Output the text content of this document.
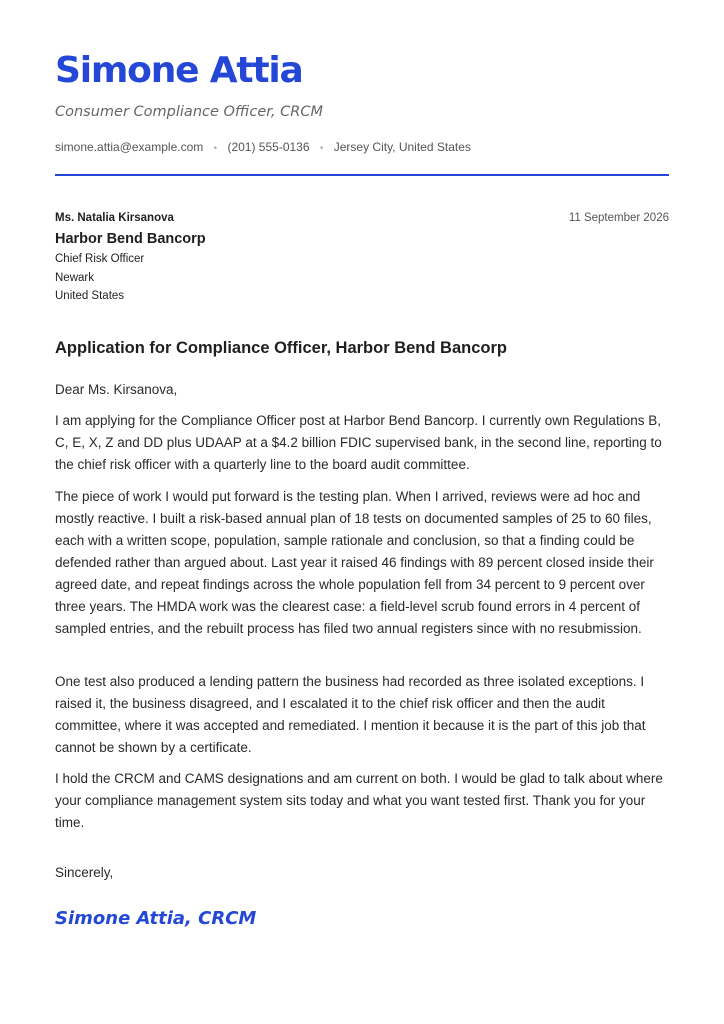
Simone Attia
Consumer Compliance Officer, CRCM
simone.attia@example.com • (201) 555-0136 • Jersey City, United States
Ms. Natalia Kirsanova	11 September 2026
Harbor Bend Bancorp
Chief Risk Officer
Newark
United States
Application for Compliance Officer, Harbor Bend Bancorp

Dear Ms. Kirsanova,

I am applying for the Compliance Officer post at Harbor Bend Bancorp. I currently own Regulations B, C, E, X, Z and DD plus UDAAP at a $4.2 billion FDIC supervised bank, in the second line, reporting to the chief risk officer with a quarterly line to the board audit committee.

The piece of work I would put forward is the testing plan. When I arrived, reviews were ad hoc and mostly reactive. I built a risk-based annual plan of 18 tests on documented samples of 25 to 60 files, each with a written scope, population, sample rationale and conclusion, so that a finding could be defended rather than argued about. Last year it raised 46 findings with 89 percent closed inside their agreed date, and repeat findings across the whole population fell from 34 percent to 9 percent over three years. The HMDA work was the clearest case: a field-level scrub found errors in 4 percent of sampled entries, and the rebuilt process has filed two annual registers since with no resubmission.

One test also produced a lending pattern the business had recorded as three isolated exceptions. I raised it, the business disagreed, and I escalated it to the chief risk officer and then the audit committee, where it was accepted and remediated. I mention it because it is the part of this job that cannot be shown by a certificate.

I hold the CRCM and CAMS designations and am current on both. I would be glad to talk about where your compliance management system sits today and what you want tested first. Thank you for your time.

Sincerely,

Simone Attia, CRCM
